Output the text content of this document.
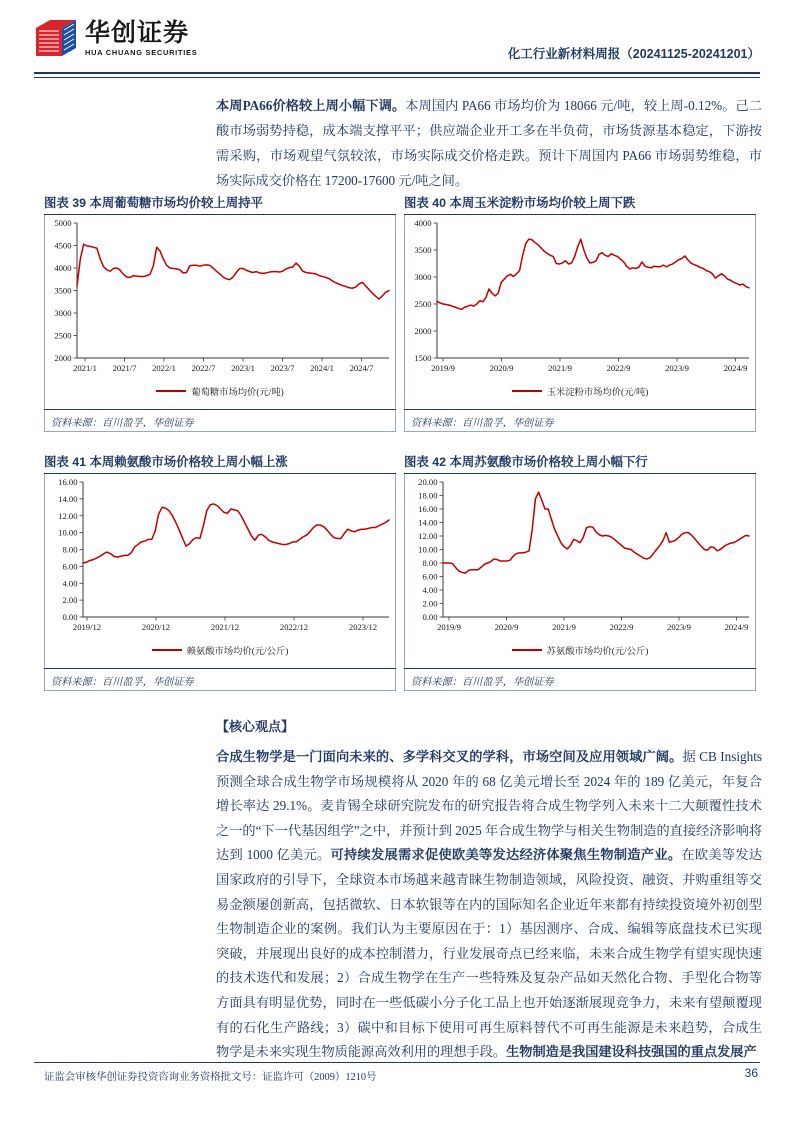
华创证券
HUA CHUANG SECURITIES	化工行业新材料周报（20241125-20241201）
本周PA66价格较上周小幅下调。本周国内 PA66 市场均价为 18066 元/吨，较上周-0.12%。己二酸市场弱势持稳，成本端支撑平平；供应端企业开工多在半负荷，市场货源基本稳定，下游按需采购，市场观望气氛较浓，市场实际成交价格走跌。预计下周国内 PA66 市场弱势维稳，市场实际成交价格在 17200-17600 元/吨之间。
图表 39 本周葡萄糖市场均价较上周持平
2000
2500
3000
3500
4000
4500
5000
2021/1 2021/7 2022/1 2022/7 2023/1 2023/7 2024/1 2024/7
葡萄糖市场均价(元/吨)
资料来源：百川盈孚，华创证券
图表 40 本周玉米淀粉市场均价较上周下跌
1500
2000
2500
3000
3500
4000
2019/9	2020/9	2021/9	2022/9	2023/9	2024/9
玉米淀粉市场均价(元/吨)
资料来源：百川盈孚，华创证券
图表 41 本周赖氨酸市场价格较上周小幅上涨
0.00
2.00
4.00
6.00
8.00
10.00
12.00
14.00
16.00
2019/12	2020/12	2021/12	2022/12	2023/12
赖氨酸市场均价(元/公斤)
资料来源：百川盈孚，华创证券
图表 42 本周苏氨酸市场价格较上周小幅下行
0.00
2.00
4.00
6.00
8.00
10.00
12.00
14.00
16.00
18.00
20.00
2019/9	2020/9	2021/9	2022/9	2023/9	2024/9
苏氨酸市场均价(元/公斤)
资料来源：百川盈孚，华创证券
【核心观点】
合成生物学是一门面向未来的、多学科交叉的学科，市场空间及应用领域广阔。据 CB Insights 预测全球合成生物学市场规模将从 2020 年的 68 亿美元增长至 2024 年的 189 亿美元，年复合增长率达 29.1%。麦肯锡全球研究院发布的研究报告将合成生物学列入未来十二大颠覆性技术之一的“下一代基因组学”之中，并预计到 2025 年合成生物学与相关生物制造的直接经济影响将达到 1000 亿美元。可持续发展需求促使欧美等发达经济体聚焦生物制造产业。在欧美等发达国家政府的引导下，全球资本市场越来越青睐生物制造领域，风险投资、融资、并购重组等交易金额屡创新高，包括微软、日本软银等在内的国际知名企业近年来都有持续投资境外初创型生物制造企业的案例。我们认为主要原因在于：1）基因测序、合成、编辑等底盘技术已实现突破，并展现出良好的成本控制潜力，行业发展奇点已经来临，未来合成生物学有望实现快速的技术迭代和发展；2）合成生物学在生产一些特殊及复杂产品如天然化合物、手型化合物等方面具有明显优势，同时在一些低碳小分子化工品上也开始逐渐展现竞争力，未来有望颠覆现有的石化生产路线；3）碳中和目标下使用可再生原料替代不可再生能源是未来趋势，合成生物学是未来实现生物质能源高效利用的理想手段。生物制造是我国建设科技强国的重点发展产
证监会审核华创证券投资咨询业务资格批文号：证监许可（2009）1210号	36
